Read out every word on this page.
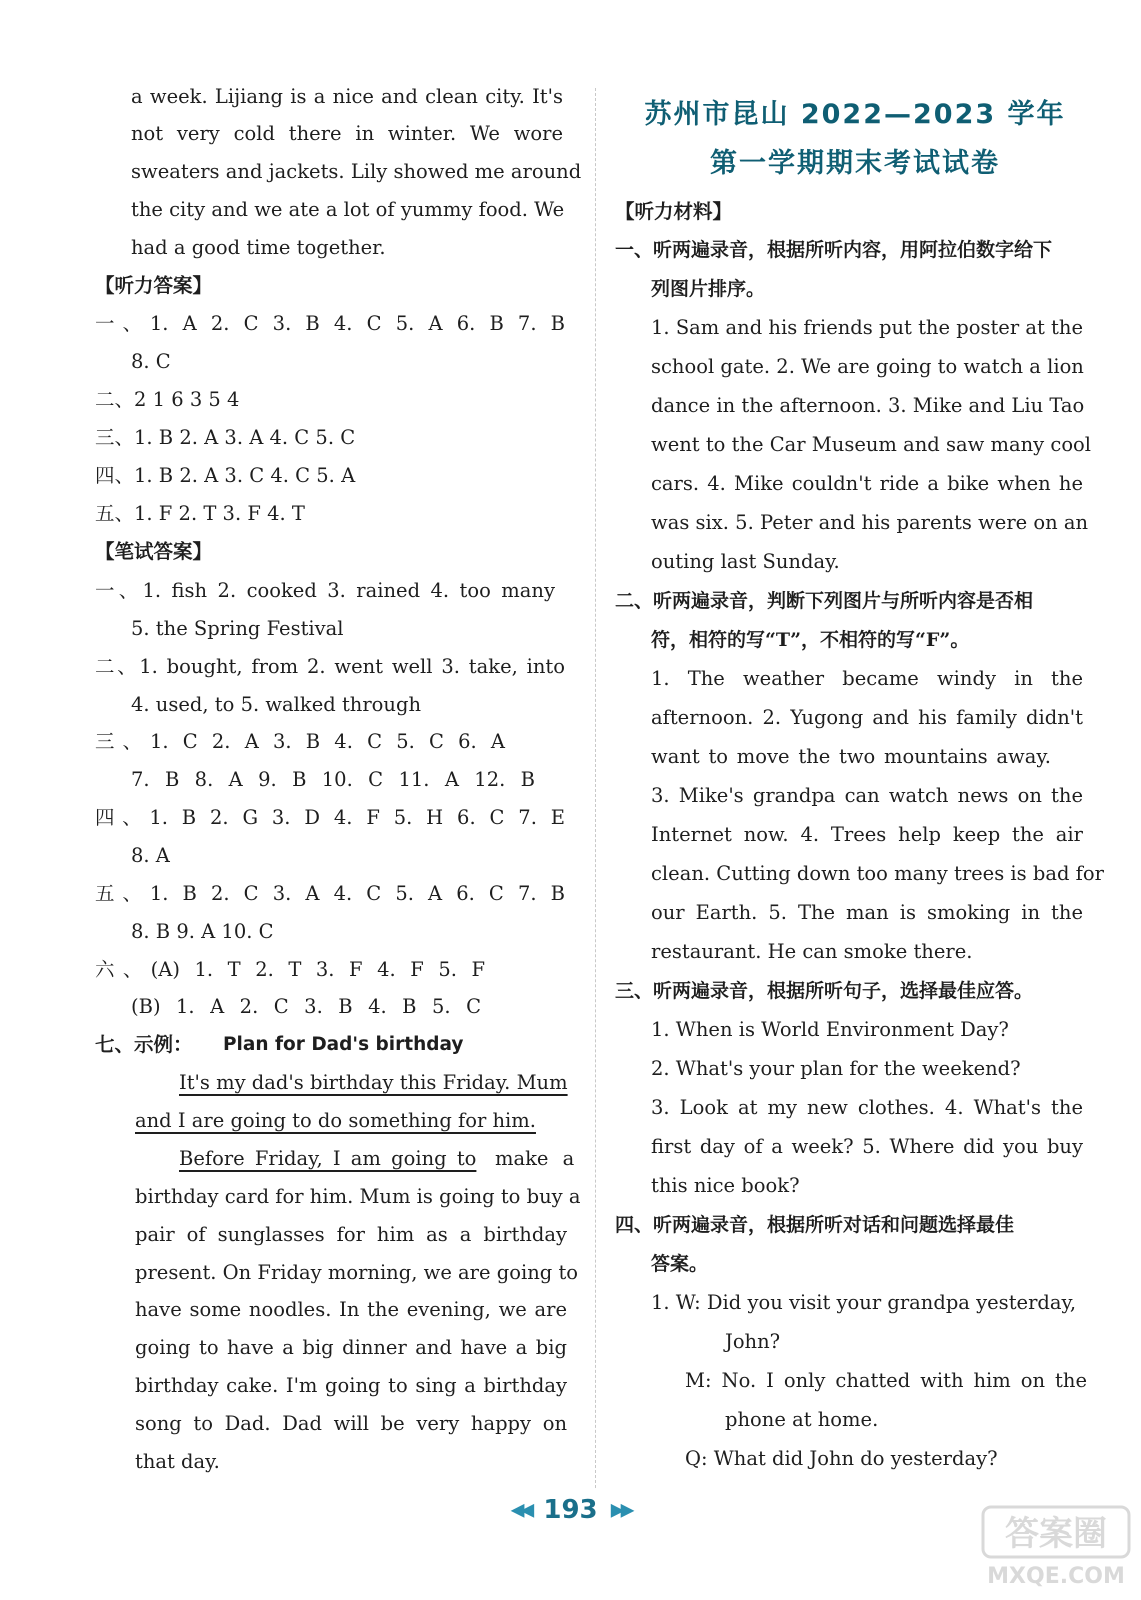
a week. Lijiang is a nice and clean city. It's
not very cold there in winter. We wore
sweaters and jackets. Lily showed me around
the city and we ate a lot of yummy food. We
had a good time together.
【听力答案】
一、1. A 2. C 3. B 4. C 5. A 6. B 7. B
8. C
二、2 1 6 3 5 4
三、1. B 2. A 3. A 4. C 5. C
四、1. B 2. A 3. C 4. C 5. A
五、1. F 2. T 3. F 4. T
【笔试答案】
一、1. fish 2. cooked 3. rained 4. too many
5. the Spring Festival
二、1. bought, from 2. went well 3. take, into
4. used, to 5. walked through
三、1. C 2. A 3. B 4. C 5. C 6. A
7. B 8. A 9. B 10. C 11. A 12. B
四、1. B 2. G 3. D 4. F 5. H 6. C 7. E
8. A
五、1. B 2. C 3. A 4. C 5. A 6. C 7. B
8. B 9. A 10. C
六、(A) 1. T 2. T 3. F 4. F 5. F
(B) 1. A 2. C 3. B 4. B 5. C
七、示例： Plan for Dad's birthday
It's my dad's birthday this Friday. Mum
and I are going to do something for him.
Before Friday, I am going to make a
birthday card for him. Mum is going to buy a
pair of sunglasses for him as a birthday
present. On Friday morning, we are going to
have some noodles. In the evening, we are
going to have a big dinner and have a big
birthday cake. I'm going to sing a birthday
song to Dad. Dad will be very happy on
that day.
苏州市昆山 2022—2023 学年
第一学期期末考试试卷
【听力材料】
一、听两遍录音，根据所听内容，用阿拉伯数字给下
列图片排序。
1. Sam and his friends put the poster at the
school gate. 2. We are going to watch a lion
dance in the afternoon. 3. Mike and Liu Tao
went to the Car Museum and saw many cool
cars. 4. Mike couldn't ride a bike when he
was six. 5. Peter and his parents were on an
outing last Sunday.
二、听两遍录音，判断下列图片与所听内容是否相
符，相符的写“T”，不相符的写“F”。
1. The weather became windy in the
afternoon. 2. Yugong and his family didn't
want to move the two mountains away.
3. Mike's grandpa can watch news on the
Internet now. 4. Trees help keep the air
clean. Cutting down too many trees is bad for
our Earth. 5. The man is smoking in the
restaurant. He can smoke there.
三、听两遍录音，根据所听句子，选择最佳应答。
1. When is World Environment Day?
2. What's your plan for the weekend?
3. Look at my new clothes. 4. What's the
first day of a week? 5. Where did you buy
this nice book?
四、听两遍录音，根据所听对话和问题选择最佳
答案。
1. W: Did you visit your grandpa yesterday,
John?
M: No. I only chatted with him on the
phone at home.
Q: What did John do yesterday?
◀◀ 193 ▶▶
答案圈
MXQE.COM
